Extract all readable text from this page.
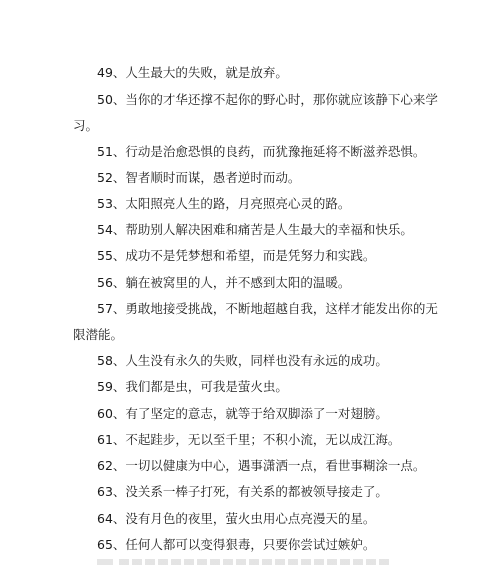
49、人生最大的失败，就是放弃。

50、当你的才华还撑不起你的野心时，那你就应该静下心来学
习。

51、行动是治愈恐惧的良药，而犹豫拖延将不断滋养恐惧。

52、智者顺时而谋，愚者逆时而动。

53、太阳照亮人生的路，月亮照亮心灵的路。

54、帮助别人解决困难和痛苦是人生最大的幸福和快乐。

55、成功不是凭梦想和希望，而是凭努力和实践。

56、躺在被窝里的人，并不感到太阳的温暖。

57、勇敢地接受挑战，不断地超越自我，这样才能发出你的无
限潜能。

58、人生没有永久的失败，同样也没有永远的成功。

59、我们都是虫，可我是萤火虫。

60、有了坚定的意志，就等于给双脚添了一对翅膀。

61、不起跬步，无以至千里；不积小流，无以成江海。

62、一切以健康为中心，遇事潇洒一点，看世事糊涂一点。

63、没关系一棒子打死，有关系的都被领导接走了。

64、没有月色的夜里，萤火虫用心点亮漫天的星。

65、任何人都可以变得狠毒，只要你尝试过嫉妒。
